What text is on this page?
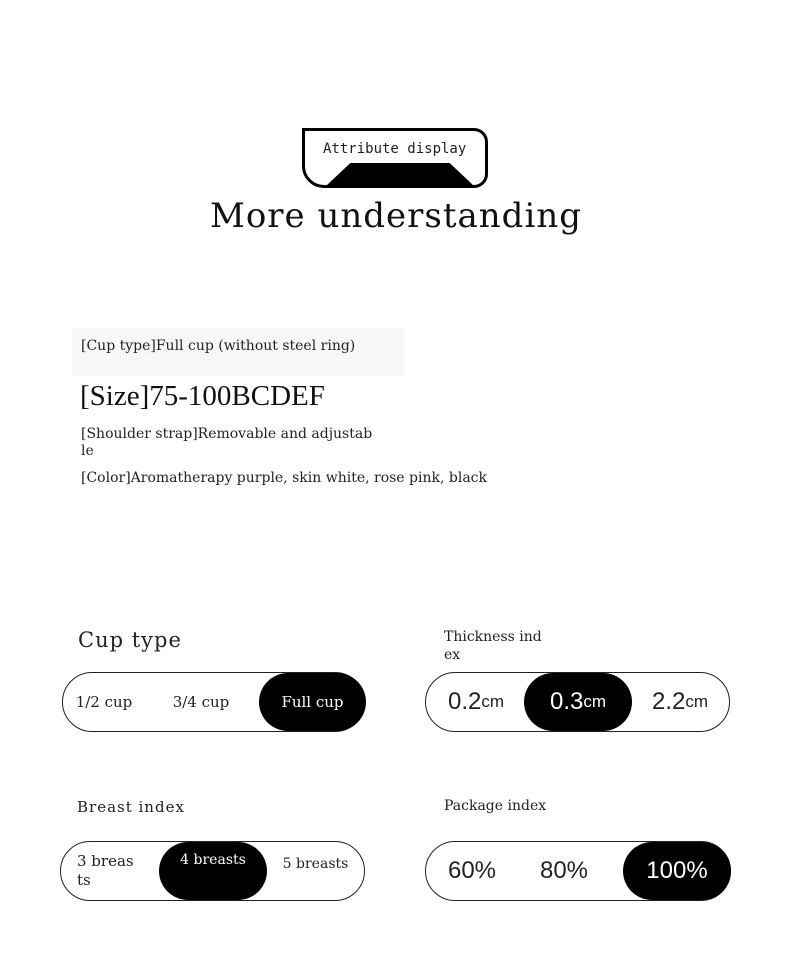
Attribute display
More understanding
[Cup type]Full cup (without steel ring)
[Size]75-100BCDEF
[Shoulder strap]Removable and adjustab
le
[Color]Aromatherapy purple, skin white, rose pink, black
Cup type
1/2 cup	3/4 cup	Full cup
Thickness ind
ex
0.2 cm 0.3 cm 2.2 cm
Breast index
3 breas
ts
4 breasts	5 breasts
Package index
60%	80%	100%
